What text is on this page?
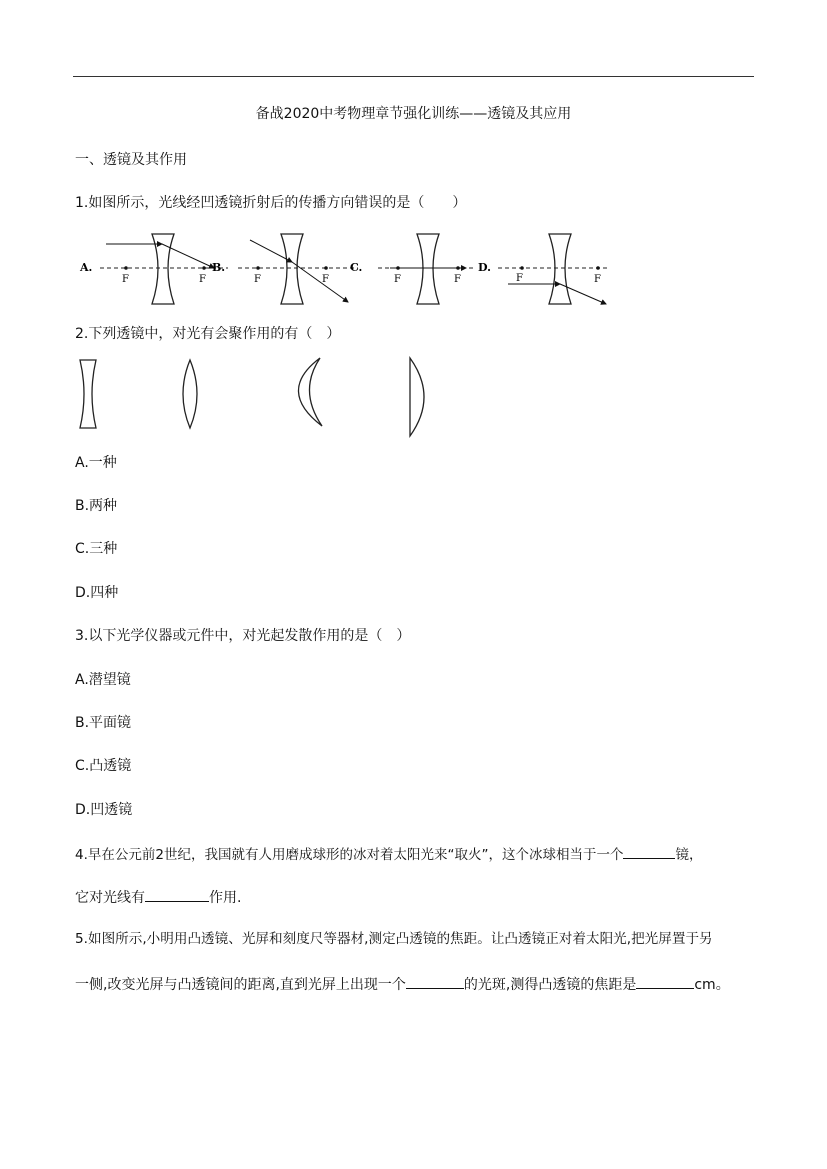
备战2020中考物理章节强化训练——透镜及其应用
一、透镜及其作用
1.如图所示，光线经凹透镜折射后的传播方向错误的是（　　）
A.
F	F
B.
F	F
C.
F	F
D.
F	F
2.下列透镜中，对光有会聚作用的有（　）
A.一种
B.两种
C.三种
D.四种
3.以下光学仪器或元件中，对光起发散作用的是（　）
A.潜望镜
B.平面镜
C.凸透镜
D.凹透镜
4.早在公元前2世纪，我国就有人用磨成球形的冰对着太阳光来“取火”，这个冰球相当于一个	镜，
它对光线有	作用.
5.如图所示,小明用凸透镜、光屏和刻度尺等器材,测定凸透镜的焦距。让凸透镜正对着太阳光,把光屏置于另
一侧,改变光屏与凸透镜间的距离,直到光屏上出现一个	的光斑,测得凸透镜的焦距是	cm。
